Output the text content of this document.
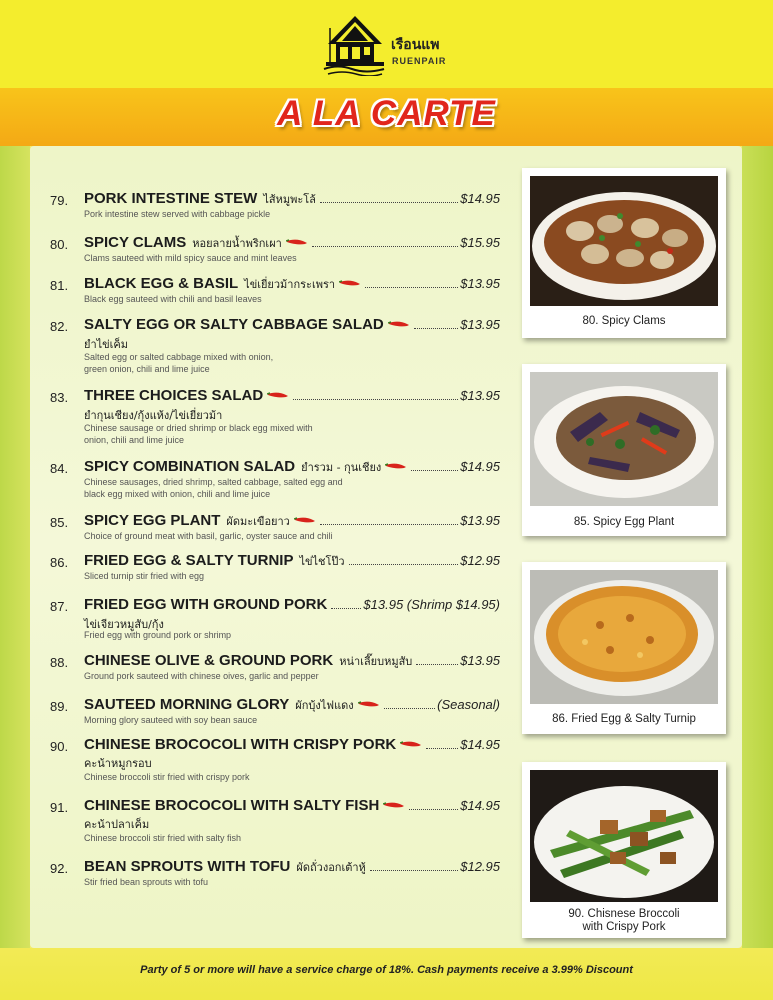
เรือนแพ
RUENPAIR
A LA CARTE
79.	PORK INTESTINE STEW ไส้หมูพะโล้	$14.95
Pork intestine stew served with cabbage pickle
80.	SPICY CLAMS หอยลายน้ำพริกเผา	$15.95
Clams sauteed with mild spicy sauce and mint leaves
81.	BLACK EGG & BASIL ไข่เยี่ยวม้ากระเพรา	$13.95
Black egg sauteed with chili and basil leaves
82.	SALTY EGG OR SALTY CABBAGE SALAD	$13.95
ยำไข่เค็ม
Salted egg or salted cabbage mixed with onion,
green onion, chili and lime juice
83.	THREE CHOICES SALAD	$13.95
ยำกุนเชียง/กุ้งแห้ง/ไข่เยี่ยวม้า
Chinese sausage or dried shrimp or black egg mixed with
onion, chili and lime juice
84.	SPICY COMBINATION SALAD ยำรวม - กุนเชียง	$14.95
Chinese sausages, dried shrimp, salted cabbage, salted egg and
black egg mixed with onion, chili and lime juice
85.	SPICY EGG PLANT ผัดมะเขือยาว	$13.95
Choice of ground meat with basil, garlic, oyster sauce and chili
86.	FRIED EGG & SALTY TURNIP ไข่ไชโป๊ว	$12.95
Sliced turnip stir fried with egg
87.	FRIED EGG WITH GROUND PORK	$13.95 (Shrimp $14.95)
ไข่เจียวหมูสับ/กุ้ง
Fried egg with ground pork or shrimp
88.	CHINESE OLIVE & GROUND PORK หน่าเลี๊ยบหมูสับ	$13.95
Ground pork sauteed with chinese oives, garlic and pepper
89.	SAUTEED MORNING GLORY ผักบุ้งไฟแดง	(Seasonal)
Morning glory sauteed with soy bean sauce
90.	CHINESE BROCOCOLI WITH CRISPY PORK	$14.95
คะน้าหมูกรอบ
Chinese broccoli stir fried with crispy pork
91.	CHINESE BROCOCOLI WITH SALTY FISH	$14.95
คะน้าปลาเค็ม
Chinese broccoli stir fried with salty fish
92.	BEAN SPROUTS WITH TOFU ผัดถั่วงอกเต้าหู้	$12.95
Stir fried bean sprouts with tofu
80. Spicy Clams
85. Spicy Egg Plant
86. Fried Egg & Salty Turnip
90. Chisnese Broccoli
with Crispy Pork
Party of 5 or more will have a service charge of 18%. Cash payments receive a 3.99% Discount
